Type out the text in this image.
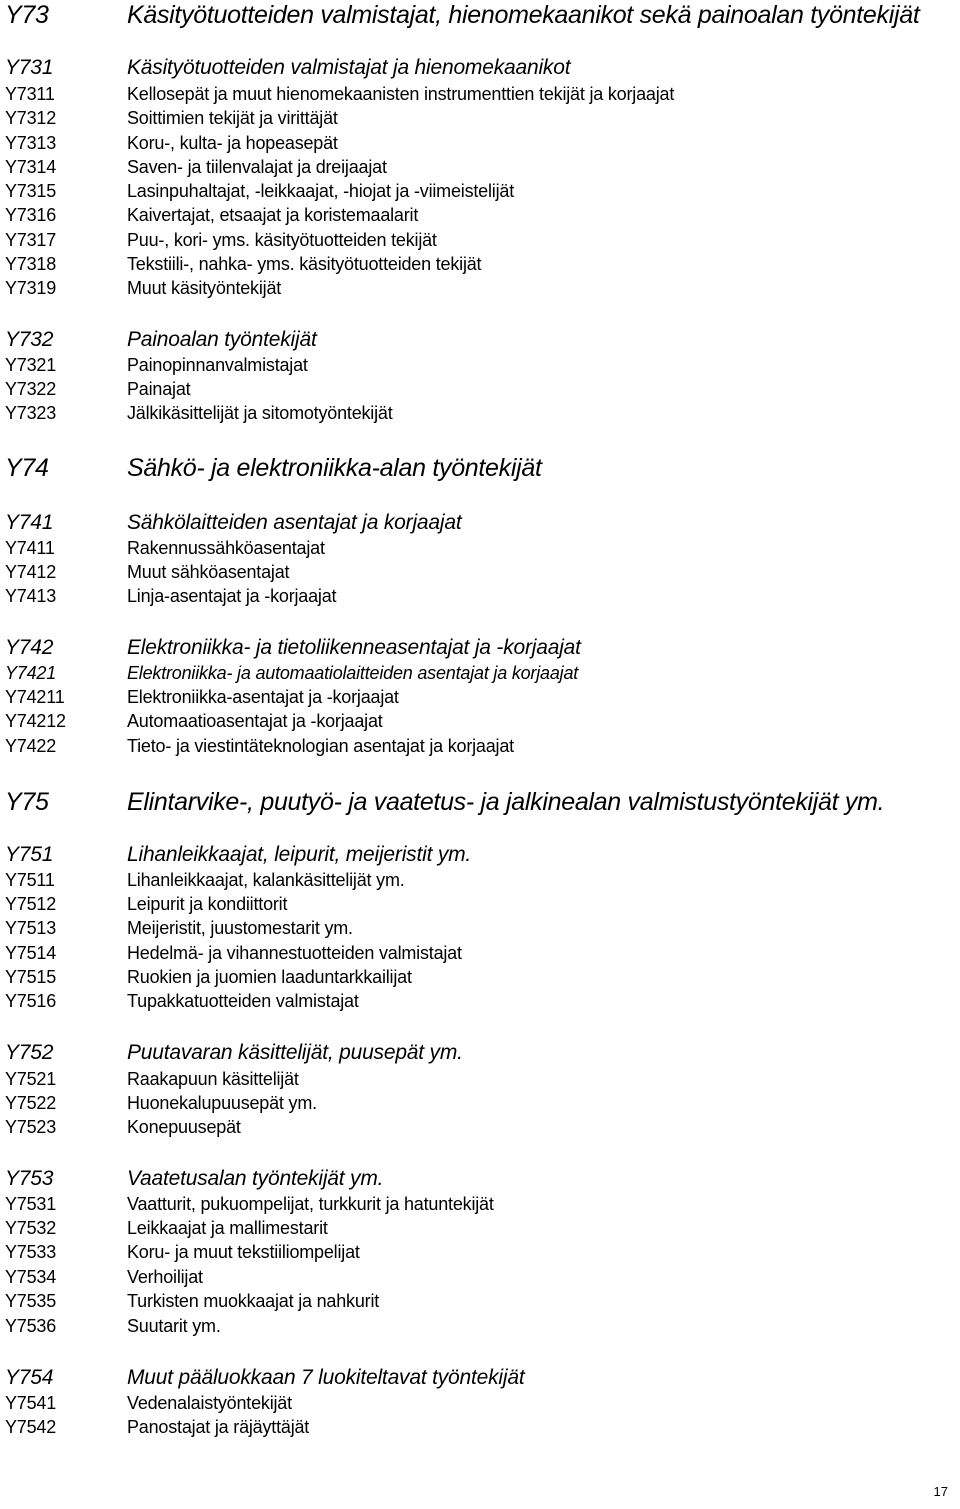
Y73	Käsityötuotteiden valmistajat, hienomekaanikot sekä painoalan työntekijät
Y731	Käsityötuotteiden valmistajat ja hienomekaanikot
Y7311	Kellosepät ja muut hienomekaanisten instrumenttien tekijät ja korjaajat
Y7312	Soittimien tekijät ja virittäjät
Y7313	Koru-, kulta- ja hopeasepät
Y7314	Saven- ja tiilenvalajat ja dreijaajat
Y7315	Lasinpuhaltajat, -leikkaajat, -hiojat ja -viimeistelijät
Y7316	Kaivertajat, etsaajat ja koristemaalarit
Y7317	Puu-, kori- yms. käsityötuotteiden tekijät
Y7318	Tekstiili-, nahka- yms. käsityötuotteiden tekijät
Y7319	Muut käsityöntekijät
Y732	Painoalan työntekijät
Y7321	Painopinnanvalmistajat
Y7322	Painajat
Y7323	Jälkikäsittelijät ja sitomotyöntekijät
Y74	Sähkö- ja elektroniikka-alan työntekijät
Y741	Sähkölaitteiden asentajat ja korjaajat
Y7411	Rakennussähköasentajat
Y7412	Muut sähköasentajat
Y7413	Linja-asentajat ja -korjaajat
Y742	Elektroniikka- ja tietoliikenneasentajat ja -korjaajat
Y7421	Elektroniikka- ja automaatiolaitteiden asentajat ja korjaajat
Y74211	Elektroniikka-asentajat ja -korjaajat
Y74212	Automaatioasentajat ja -korjaajat
Y7422	Tieto- ja viestintäteknologian asentajat ja korjaajat
Y75	Elintarvike-, puutyö- ja vaatetus- ja jalkinealan valmistustyöntekijät ym.
Y751	Lihanleikkaajat, leipurit, meijeristit ym.
Y7511	Lihanleikkaajat, kalankäsittelijät ym.
Y7512	Leipurit ja kondiittorit
Y7513	Meijeristit, juustomestarit ym.
Y7514	Hedelmä- ja vihannestuotteiden valmistajat
Y7515	Ruokien ja juomien laaduntarkkailijat
Y7516	Tupakkatuotteiden valmistajat
Y752	Puutavaran käsittelijät, puusepät ym.
Y7521	Raakapuun käsittelijät
Y7522	Huonekalupuusepät ym.
Y7523	Konepuusepät
Y753	Vaatetusalan työntekijät ym.
Y7531	Vaatturit, pukuompelijat, turkkurit ja hatuntekijät
Y7532	Leikkaajat ja mallimestarit
Y7533	Koru- ja muut tekstiiliompelijat
Y7534	Verhoilijat
Y7535	Turkisten muokkaajat ja nahkurit
Y7536	Suutarit ym.
Y754	Muut pääluokkaan 7 luokiteltavat työntekijät
Y7541	Vedenalaistyöntekijät
Y7542	Panostajat ja räjäyttäjät
17
